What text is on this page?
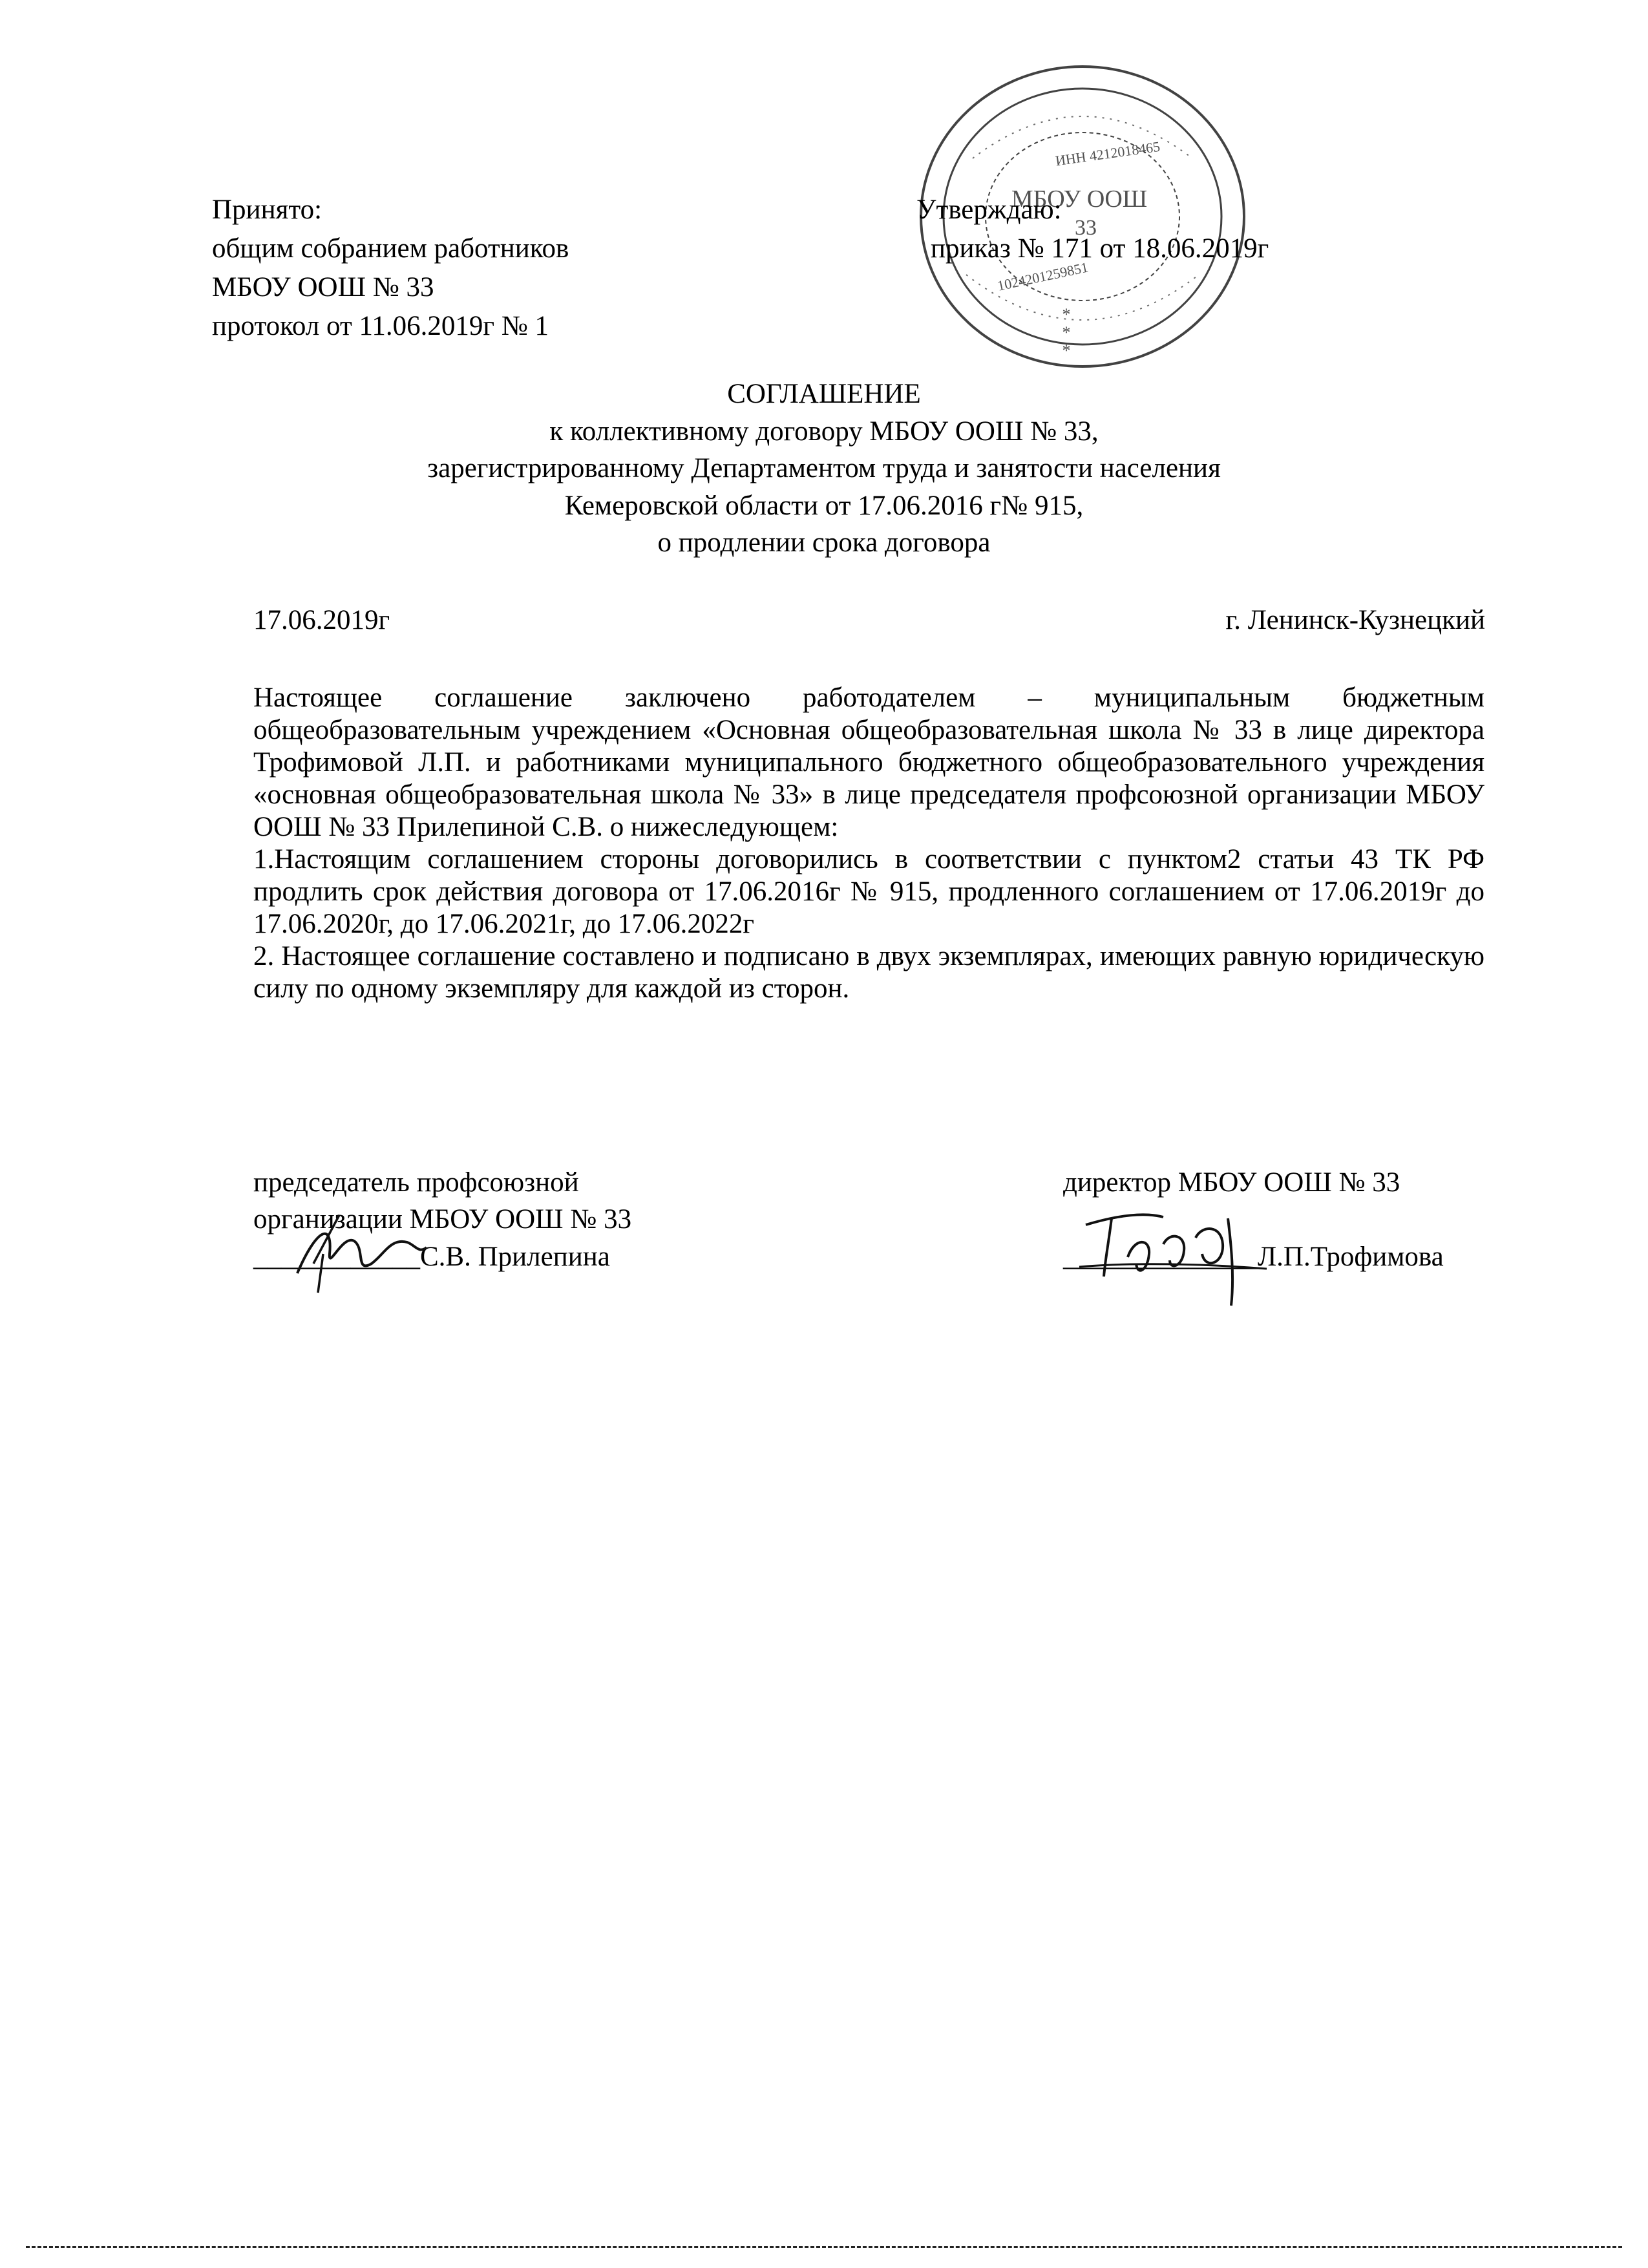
Принято:
общим собранием работников
МБОУ ООШ № 33
протокол от 11.06.2019г № 1
МБОУ ООШ
33
ИНН 4212018465
1024201259851
*
*
*
Утверждаю:
приказ № 171 от 18.06.2019г
СОГЛАШЕНИЕ
к коллективному договору МБОУ ООШ № 33,
зарегистрированному Департаментом труда и занятости населения
Кемеровской области от 17.06.2016 г№ 915,
о продлении срока договора
17.06.2019г	г. Ленинск-Кузнецкий

Настоящее соглашение заключено работодателем – муниципальным бюджетным общеобразовательным учреждением «Основная общеобразовательная школа № 33 в лице директора Трофимовой Л.П. и работниками муниципального бюджетного общеобразовательного учреждения «основная общеобразовательная школа № 33» в лице председателя профсоюзной организации МБОУ ООШ № 33 Прилепиной С.В. о нижеследующем:

1.Настоящим соглашением стороны договорились в соответствии с пунктом2 статьи 43 ТК РФ продлить срок действия договора от 17.06.2016г № 915, продленного соглашением от 17.06.2019г до 17.06.2020г, до 17.06.2021г, до 17.06.2022г

2. Настоящее соглашение составлено и подписано в двух экземплярах, имеющих равную юридическую силу по одному экземпляру для каждой из сторон.

председатель профсоюзной
организации МБОУ ООШ № 33
____________С.В. Прилепина
директор МБОУ ООШ № 33
______________Л.П.Трофимова
